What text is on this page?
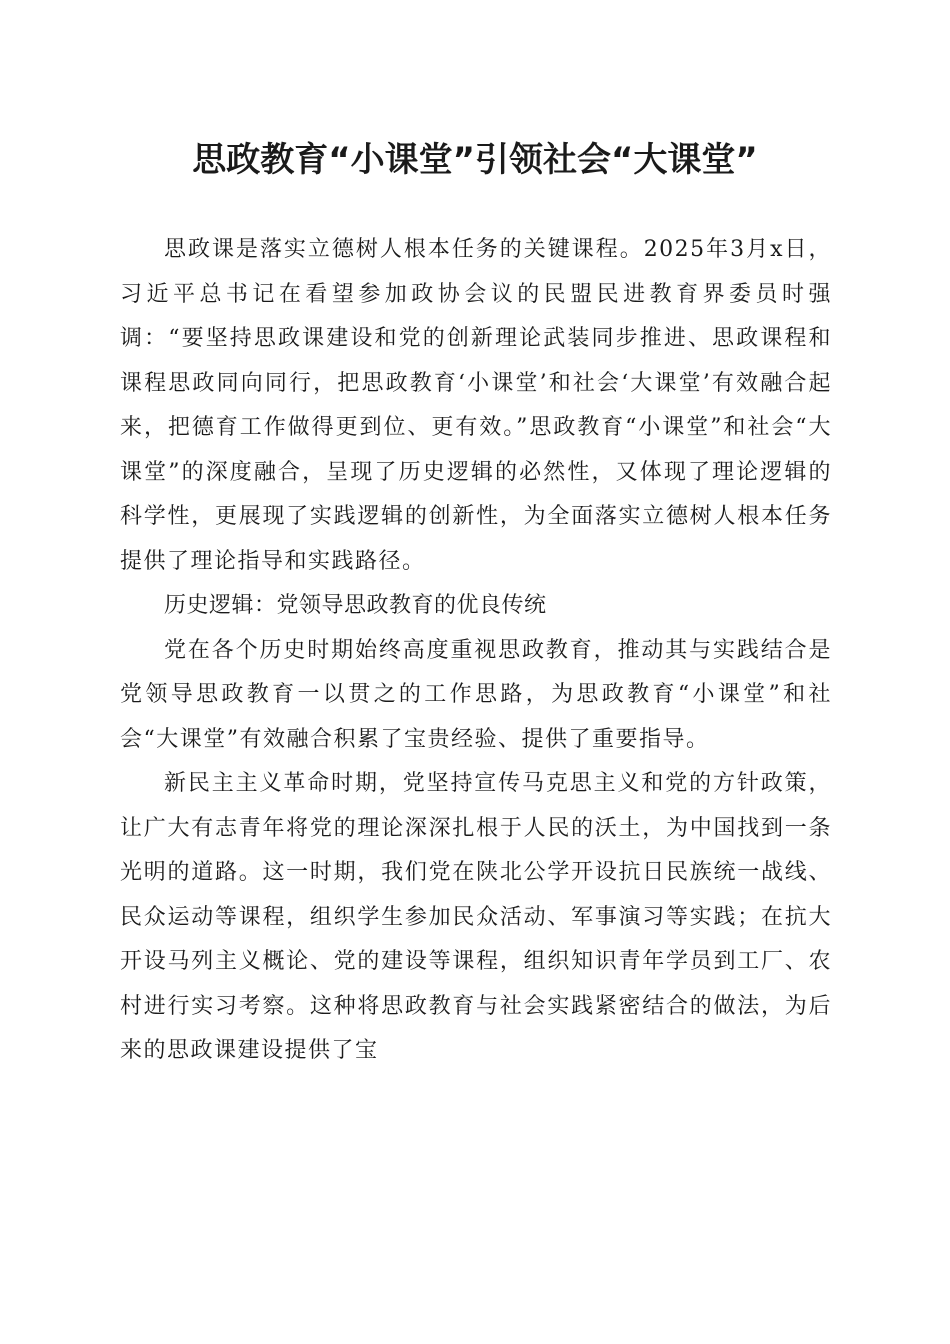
思政教育“小课堂”引领社会“大课堂”

思政课是落实立德树人根本任务的关键课程。2025年3月x日，习近平总书记在看望参加政协会议的民盟民进教育界委员时强调：“要坚持思政课建设和党的创新理论武装同步推进、思政课程和课程思政同向同行，把思政教育‘小课堂’和社会‘大课堂’有效融合起来，把德育工作做得更到位、更有效。”思政教育“小课堂”和社会“大课堂”的深度融合，呈现了历史逻辑的必然性，又体现了理论逻辑的科学性，更展现了实践逻辑的创新性，为全面落实立德树人根本任务提供了理论指导和实践路径。

历史逻辑：党领导思政教育的优良传统

党在各个历史时期始终高度重视思政教育，推动其与实践结合是党领导思政教育一以贯之的工作思路，为思政教育“小课堂”和社会“大课堂”有效融合积累了宝贵经验、提供了重要指导。

新民主主义革命时期，党坚持宣传马克思主义和党的方针政策，让广大有志青年将党的理论深深扎根于人民的沃土，为中国找到一条光明的道路。这一时期，我们党在陕北公学开设抗日民族统一战线、民众运动等课程，组织学生参加民众活动、军事演习等实践；在抗大开设马列主义概论、党的建设等课程，组织知识青年学员到工厂、农村进行实习考察。这种将思政教育与社会实践紧密结合的做法，为后来的思政课建设提供了宝
